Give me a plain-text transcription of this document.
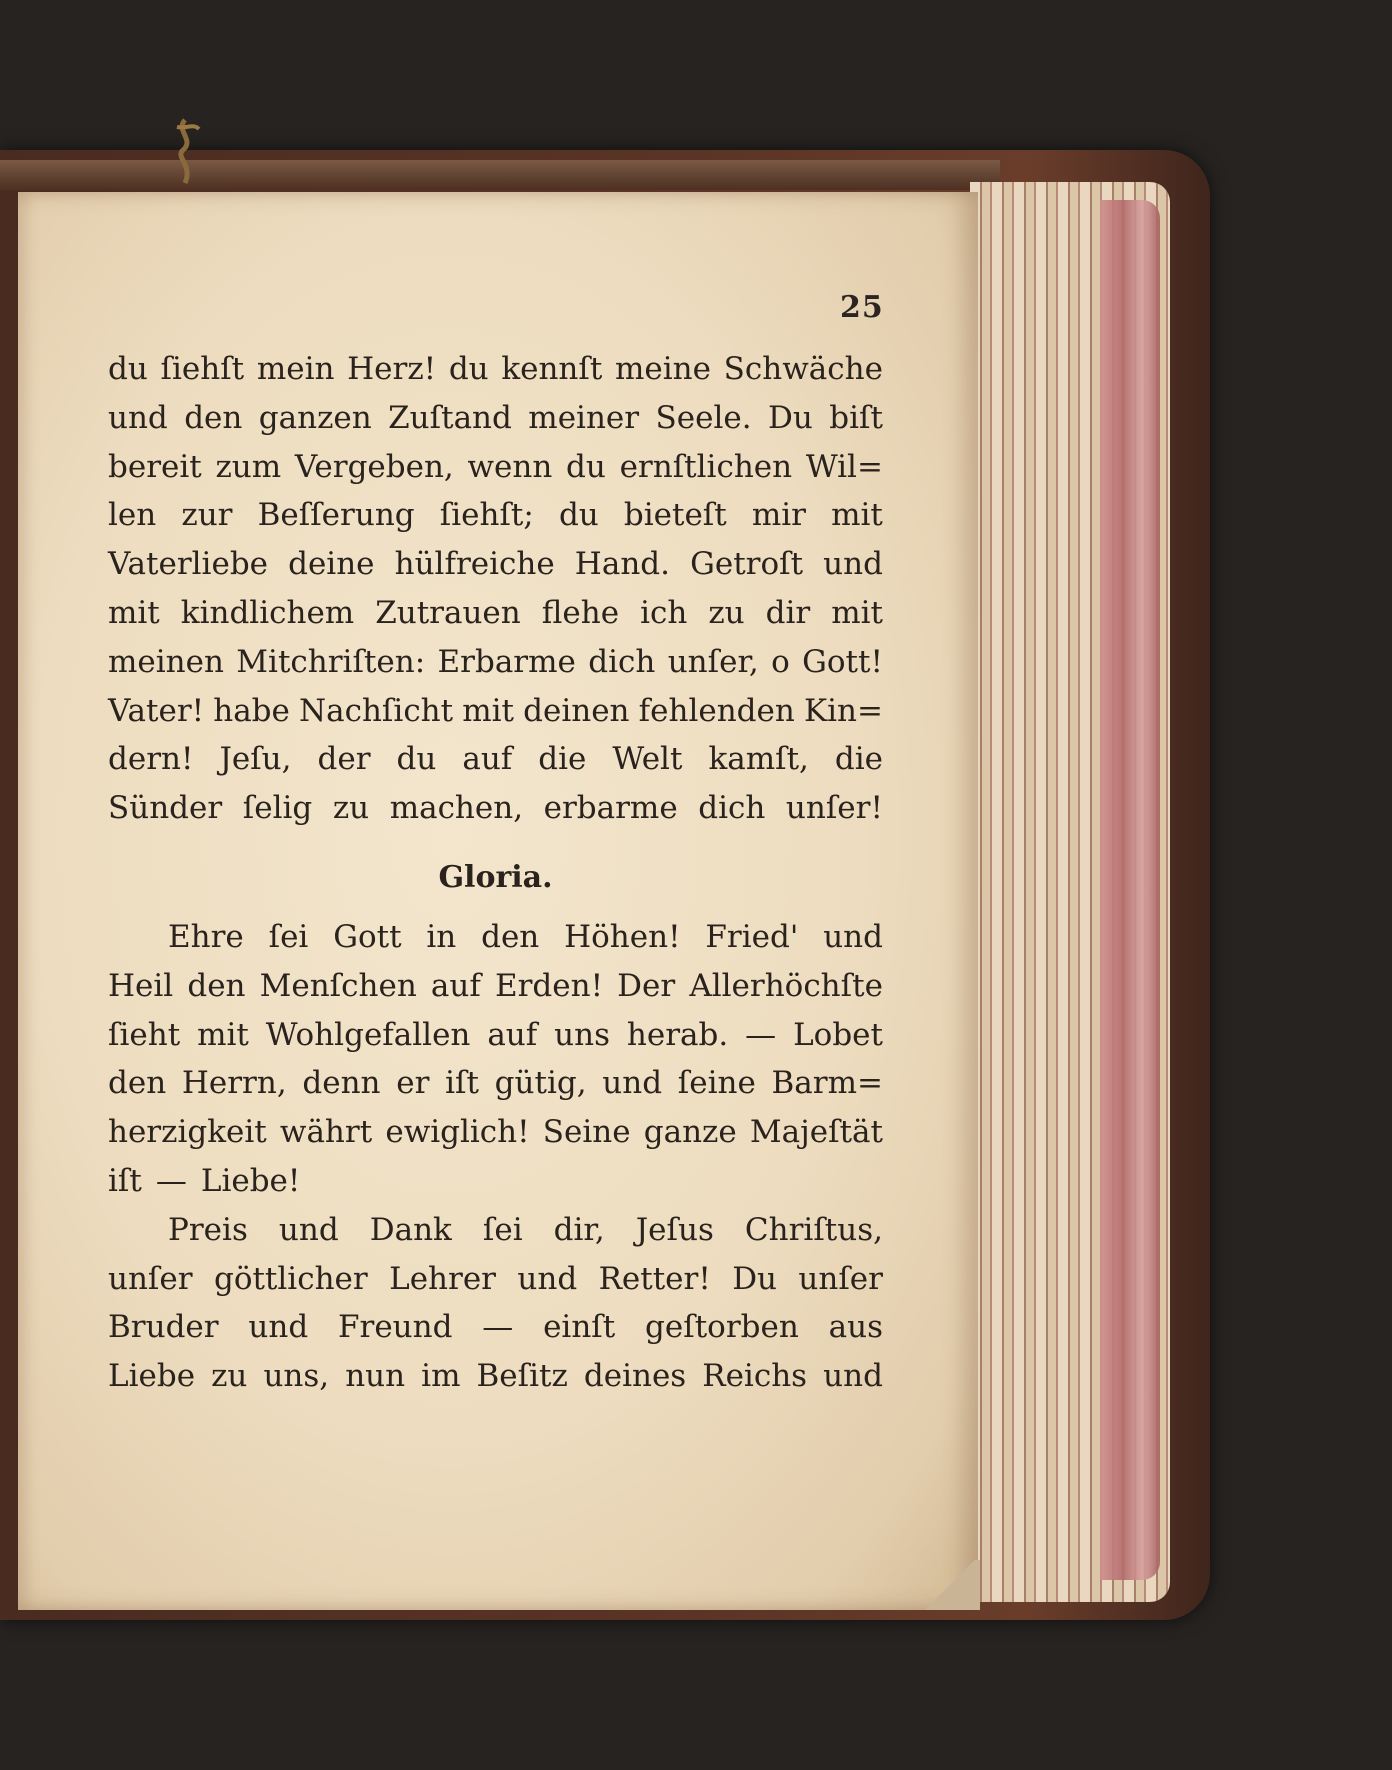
25
du ſiehſt mein Herz! du kennſt meine Schwäche
und den ganzen Zuſtand meiner Seele. Du biſt
bereit zum Vergeben, wenn du ernſtlichen Wil=
len zur Beſſerung ſiehſt; du bieteſt mir mit
Vaterliebe deine hülfreiche Hand. Getroſt und
mit kindlichem Zutrauen flehe ich zu dir mit
meinen Mitchriſten: Erbarme dich unſer, o Gott!
Vater! habe Nachſicht mit deinen fehlenden Kin=
dern! Jeſu, der du auf die Welt kamſt, die
Sünder ſelig zu machen, erbarme dich unſer!
Gloria.
Ehre ſei Gott in den Höhen! Fried' und
Heil den Menſchen auf Erden! Der Allerhöchſte
ſieht mit Wohlgefallen auf uns herab. — Lobet
den Herrn, denn er iſt gütig, und ſeine Barm=
herzigkeit währt ewiglich! Seine ganze Majeſtät
iſt — Liebe!
Preis und Dank ſei dir, Jeſus Chriſtus,
unſer göttlicher Lehrer und Retter! Du unſer
Bruder und Freund — einſt geſtorben aus
Liebe zu uns, nun im Beſitz deines Reichs und
